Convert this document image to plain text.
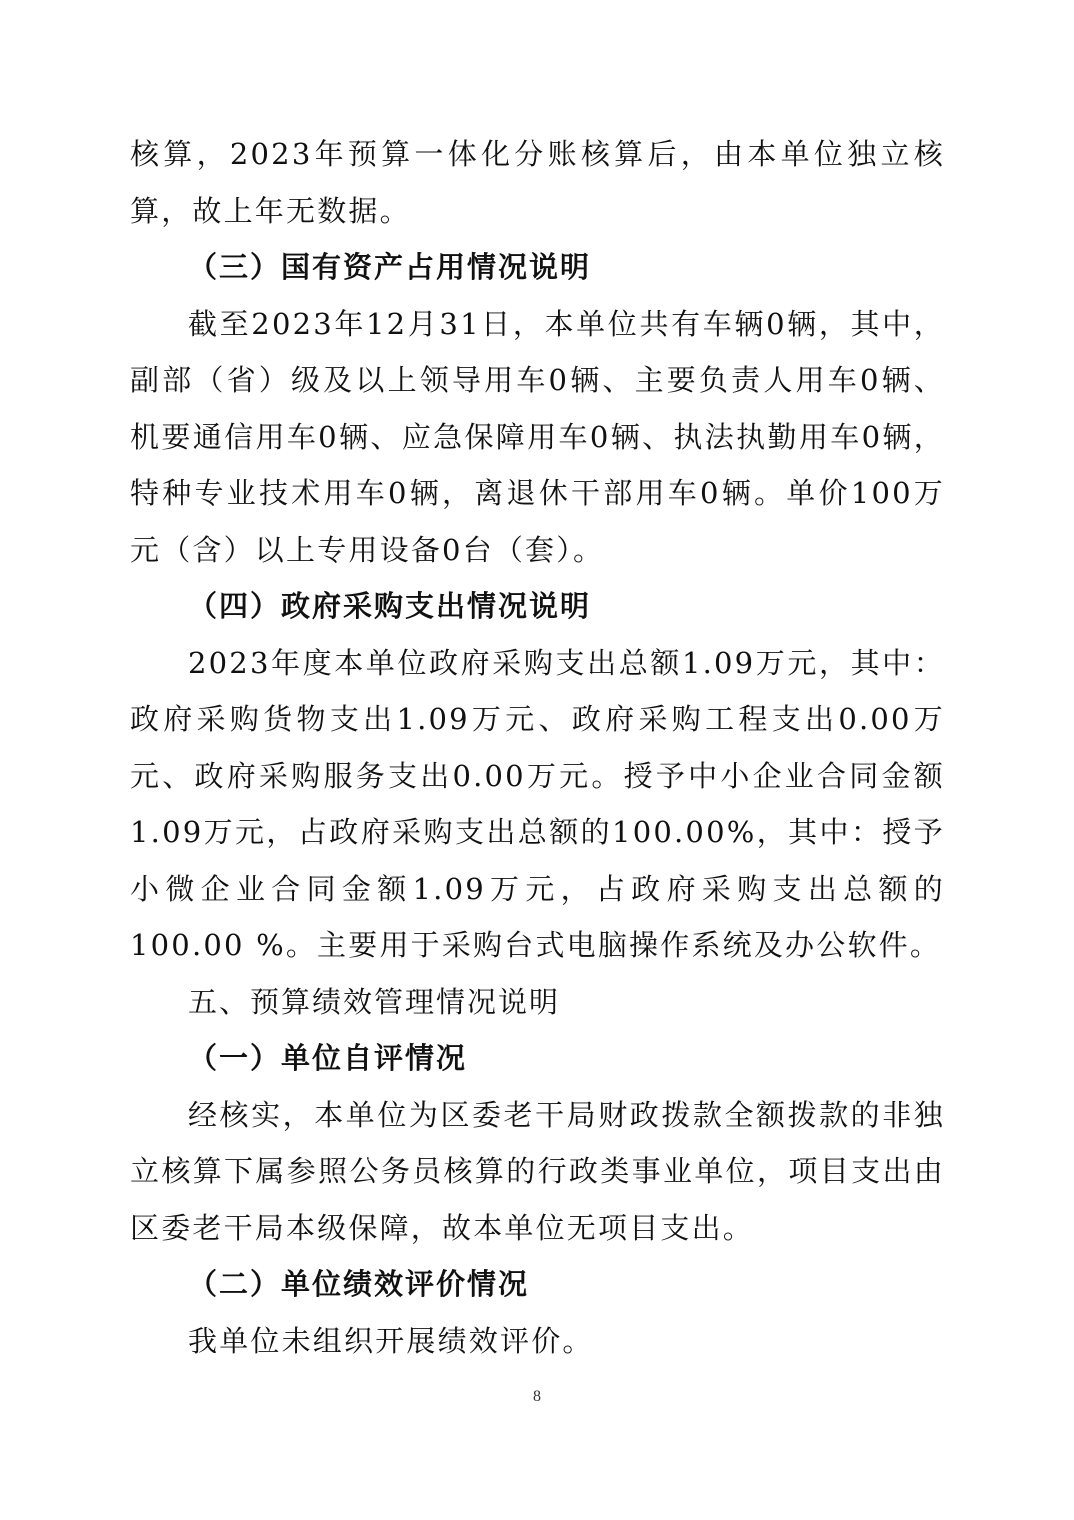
核算，2023年预算一体化分账核算后，由本单位独立核算，故上年无数据。

（三）国有资产占用情况说明

截至2023年12月31日，本单位共有车辆0辆，其中，副部（省）级及以上领导用车0辆、主要负责人用车0辆、机要通信用车0辆、应急保障用车0辆、执法执勤用车0辆，特种专业技术用车0辆，离退休干部用车0辆。单价100万元（含）以上专用设备0台（套）。

（四）政府采购支出情况说明

2023年度本单位政府采购支出总额1.09万元，其中：政府采购货物支出1.09万元、政府采购工程支出0.00万元、政府采购服务支出0.00万元。授予中小企业合同金额1.09万元，占政府采购支出总额的100.00%，其中：授予小微企业合同金额1.09万元，占政府采购支出总额的100.00 %。主要用于采购台式电脑操作系统及办公软件。

五、预算绩效管理情况说明

（一）单位自评情况

经核实，本单位为区委老干局财政拨款全额拨款的非独立核算下属参照公务员核算的行政类事业单位，项目支出由区委老干局本级保障，故本单位无项目支出。

（二）单位绩效评价情况

我单位未组织开展绩效评价。

8
